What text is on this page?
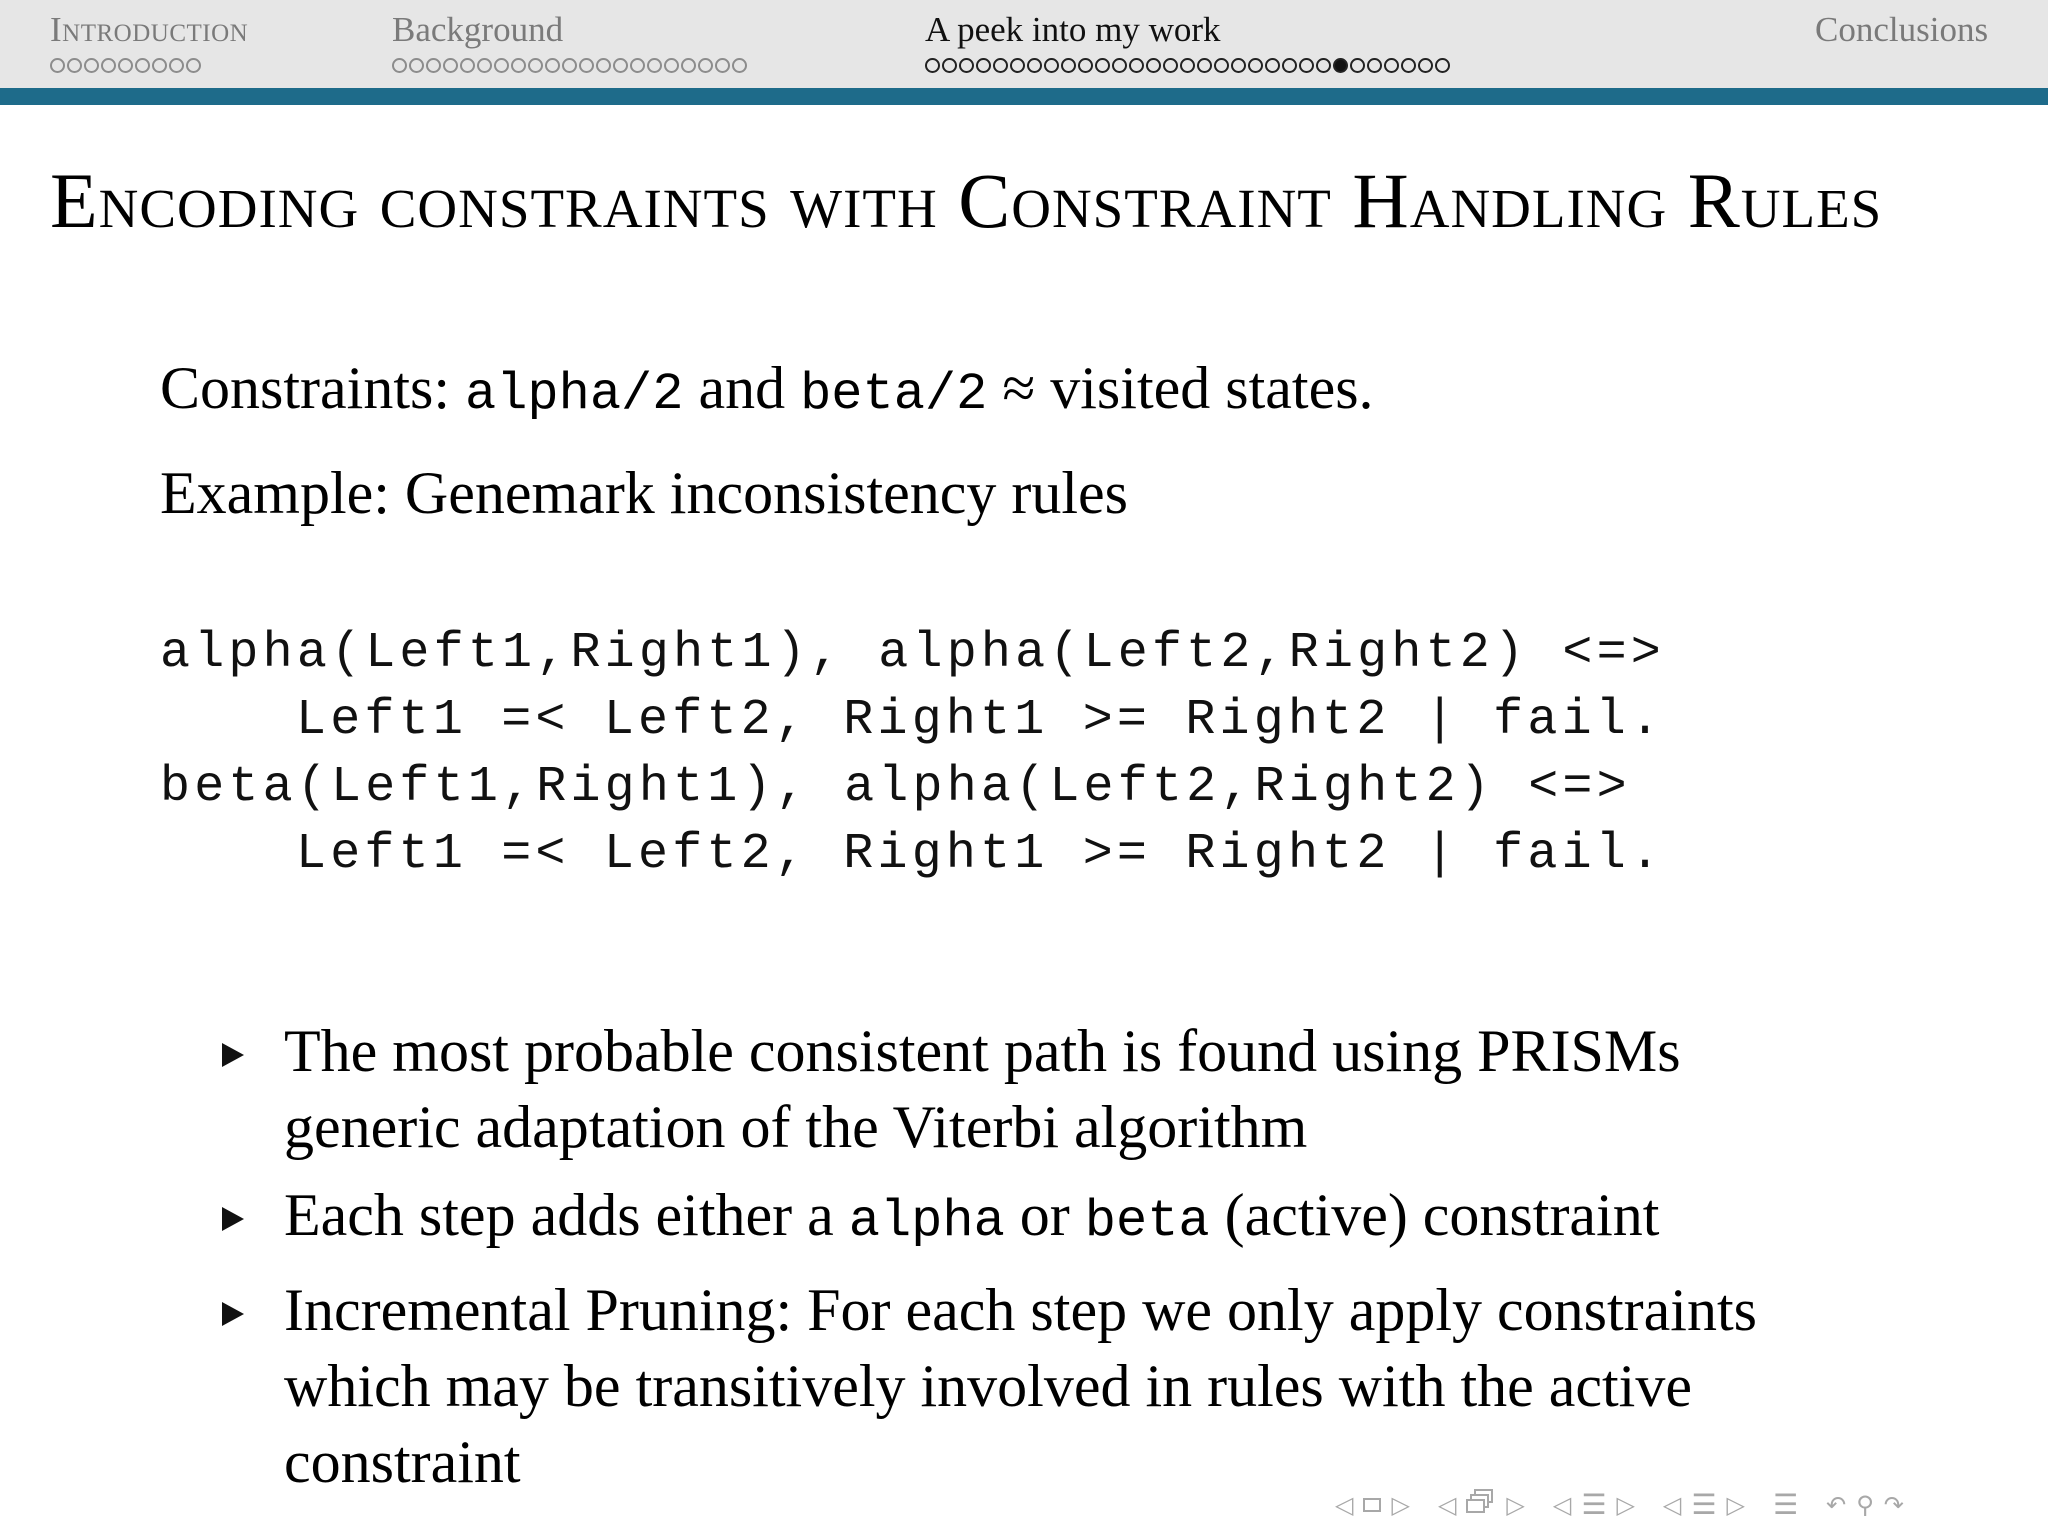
Introduction	Background	A peek into my work	Conclusions
Encoding constraints with Constraint Handling Rules
Constraints: alpha/2 and beta/2 ≈ visited states.
Example: Genemark inconsistency rules
alpha(Left1,Right1), alpha(Left2,Right2) <=>
Left1 =< Left2, Right1 >= Right2 | fail.
beta(Left1,Right1), alpha(Left2,Right2) <=>
Left1 =< Left2, Right1 >= Right2 | fail.
The most probable consistent path is found using PRISMs generic adaptation of the Viterbi algorithm
Each step adds either a alpha or beta (active) constraint
Incremental Pruning: For each step we only apply constraints which may be transitively involved in rules with the active constraint
◁ ▷ ◁ ▷ ◁ ☰ ▷ ◁ ☰ ▷ ☰ ↶ ⚲ ↷
